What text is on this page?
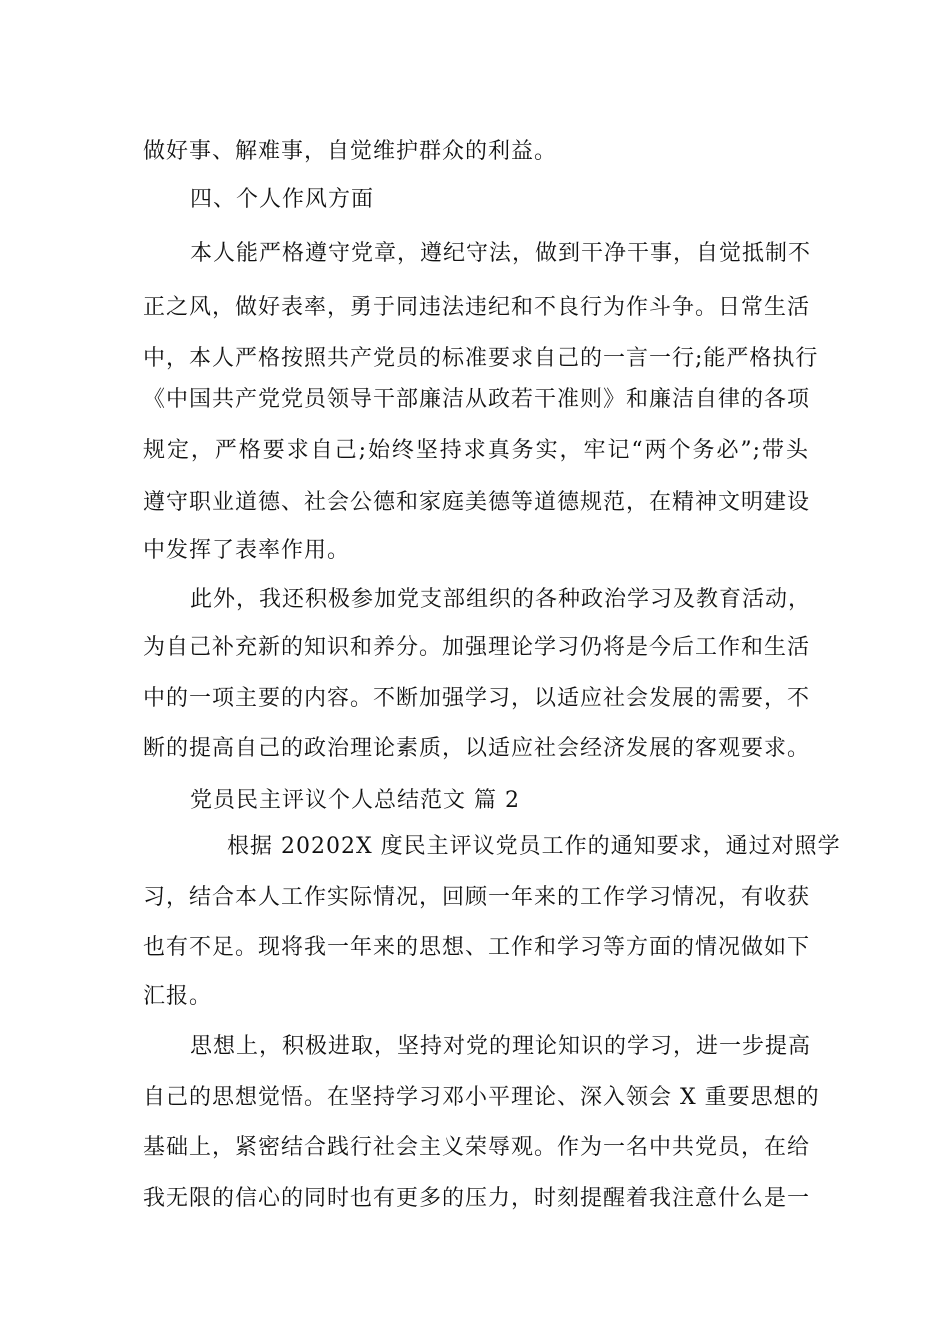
做好事、解难事，自觉维护群众的利益。
四、个人作风方面
本人能严格遵守党章，遵纪守法，做到干净干事，自觉抵制不
正之风，做好表率，勇于同违法违纪和不良行为作斗争。日常生活
中，本人严格按照共产党员的标准要求自己的一言一行;能严格执行
《中国共产党党员领导干部廉洁从政若干准则》和廉洁自律的各项
规定，严格要求自己;始终坚持求真务实，牢记“两个务必”;带头
遵守职业道德、社会公德和家庭美德等道德规范，在精神文明建设
中发挥了表率作用。
此外，我还积极参加党支部组织的各种政治学习及教育活动，
为自己补充新的知识和养分。加强理论学习仍将是今后工作和生活
中的一项主要的内容。不断加强学习，以适应社会发展的需要，不
断的提高自己的政治理论素质，以适应社会经济发展的客观要求。
党员民主评议个人总结范文 篇 2
根据 20202X 度民主评议党员工作的通知要求，通过对照学
习，结合本人工作实际情况，回顾一年来的工作学习情况，有收获
也有不足。现将我一年来的思想、工作和学习等方面的情况做如下
汇报。
思想上，积极进取，坚持对党的理论知识的学习，进一步提高
自己的思想觉悟。在坚持学习邓小平理论、深入领会 X 重要思想的
基础上，紧密结合践行社会主义荣辱观。作为一名中共党员，在给
我无限的信心的同时也有更多的压力，时刻提醒着我注意什么是一
